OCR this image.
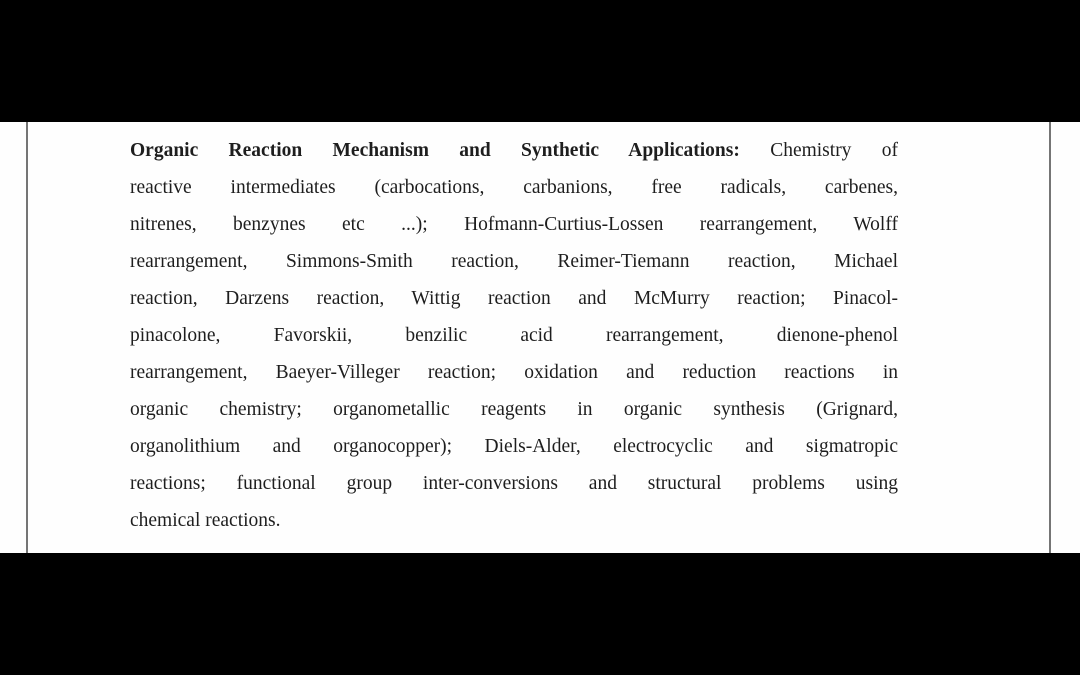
Organic Reaction Mechanism and Synthetic Applications: Chemistry of
reactive intermediates (carbocations, carbanions, free radicals, carbenes,
nitrenes, benzynes etc ...); Hofmann-Curtius-Lossen rearrangement, Wolff
rearrangement, Simmons-Smith reaction, Reimer-Tiemann reaction, Michael
reaction, Darzens reaction, Wittig reaction and McMurry reaction; Pinacol-
pinacolone, Favorskii, benzilic acid rearrangement, dienone-phenol
rearrangement, Baeyer-Villeger reaction; oxidation and reduction reactions in
organic chemistry; organometallic reagents in organic synthesis (Grignard,
organolithium and organocopper); Diels-Alder, electrocyclic and sigmatropic
reactions; functional group inter-conversions and structural problems using
chemical reactions.
